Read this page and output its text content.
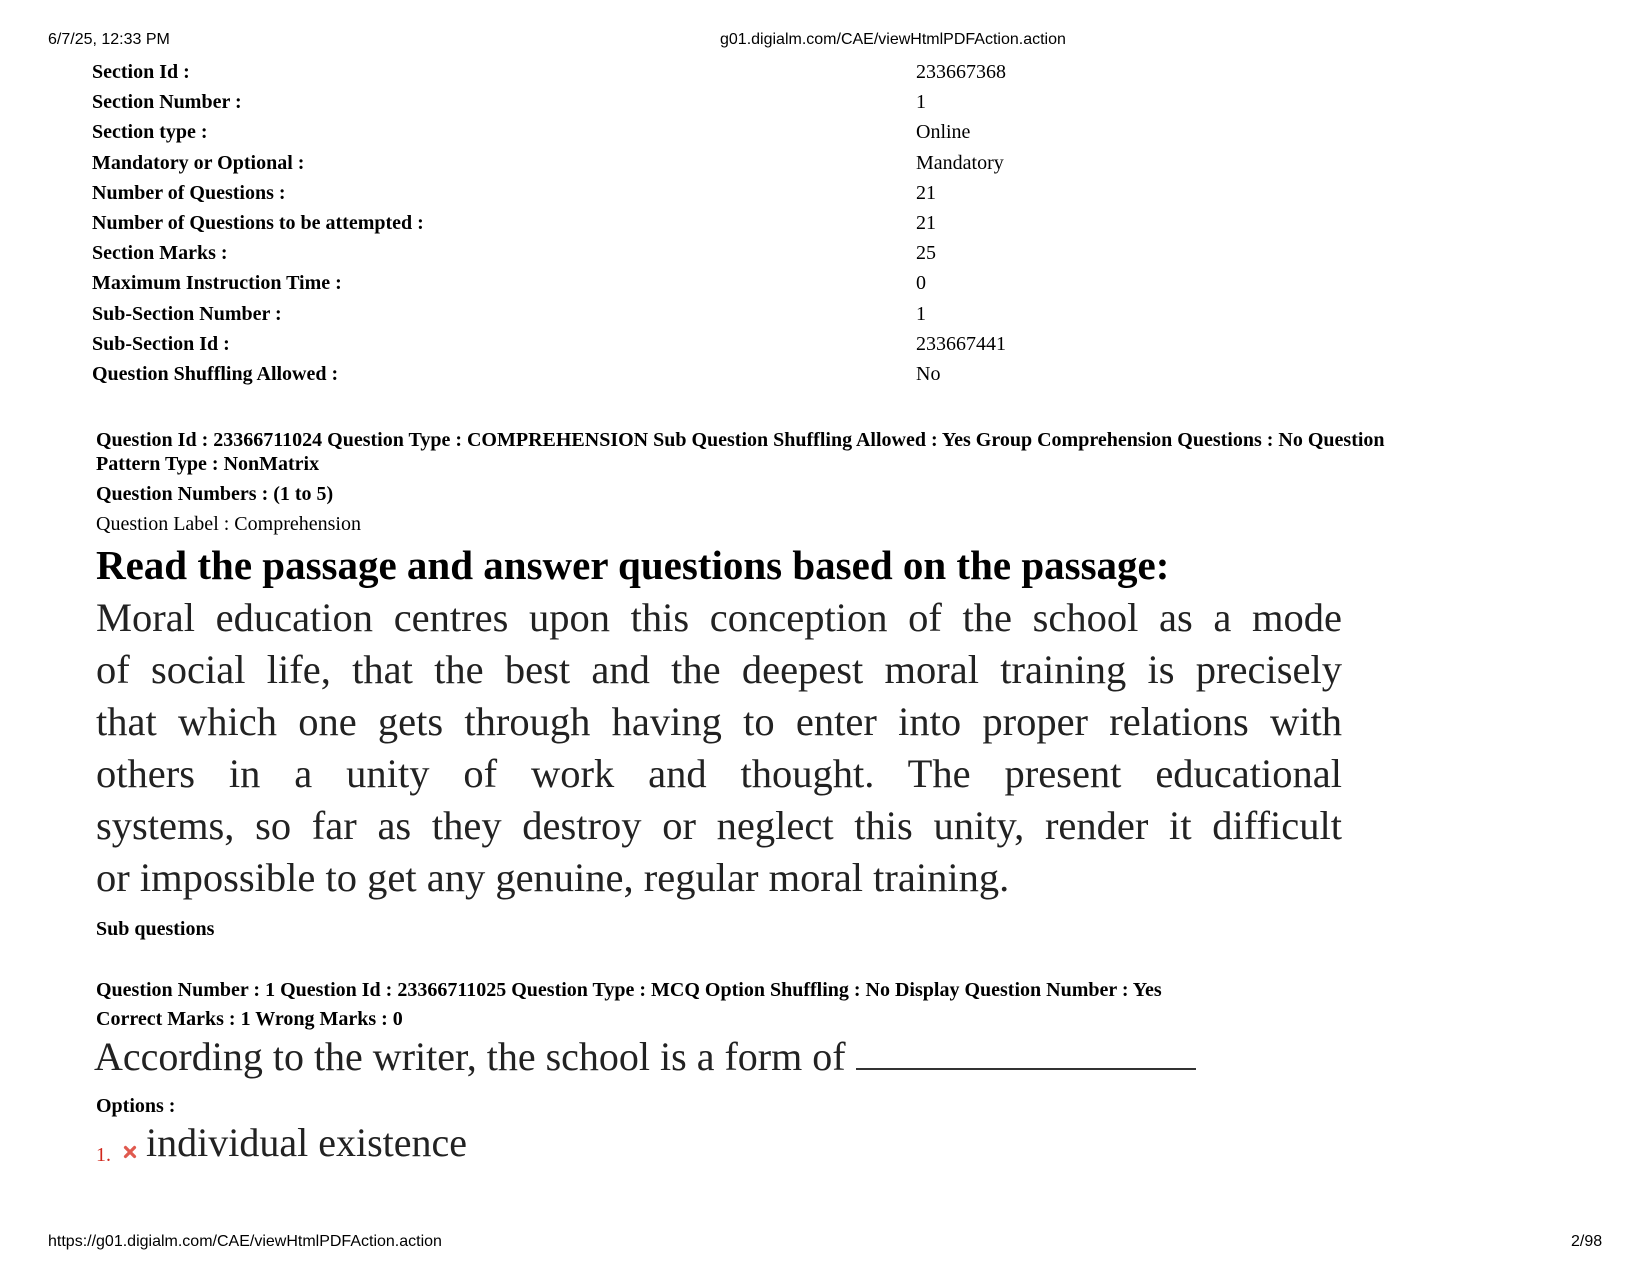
6/7/25, 12:33 PM	g01.digialm.com/CAE/viewHtmlPDFAction.action
Section Id :	233667368
Section Number :	1
Section type :	Online
Mandatory or Optional :	Mandatory
Number of Questions :	21
Number of Questions to be attempted :	21
Section Marks :	25
Maximum Instruction Time :	0
Sub-Section Number :	1
Sub-Section Id :	233667441
Question Shuffling Allowed :	No
Question Id : 23366711024 Question Type : COMPREHENSION Sub Question Shuffling Allowed : Yes Group Comprehension Questions : No Question
Pattern Type : NonMatrix
Question Numbers : (1 to 5)
Question Label : Comprehension
Read the passage and answer questions based on the passage:
Moral education centres upon this conception of the school as a mode
of social life, that the best and the deepest moral training is precisely
that which one gets through having to enter into proper relations with
others in a unity of work and thought. The present educational
systems, so far as they destroy or neglect this unity, render it difficult
or impossible to get any genuine, regular moral training.
Sub questions
Question Number : 1 Question Id : 23366711025 Question Type : MCQ Option Shuffling : No Display Question Number : Yes
Correct Marks : 1 Wrong Marks : 0
According to the writer, the school is a form of
Options :
1. individual existence
https://g01.digialm.com/CAE/viewHtmlPDFAction.action	2/98
